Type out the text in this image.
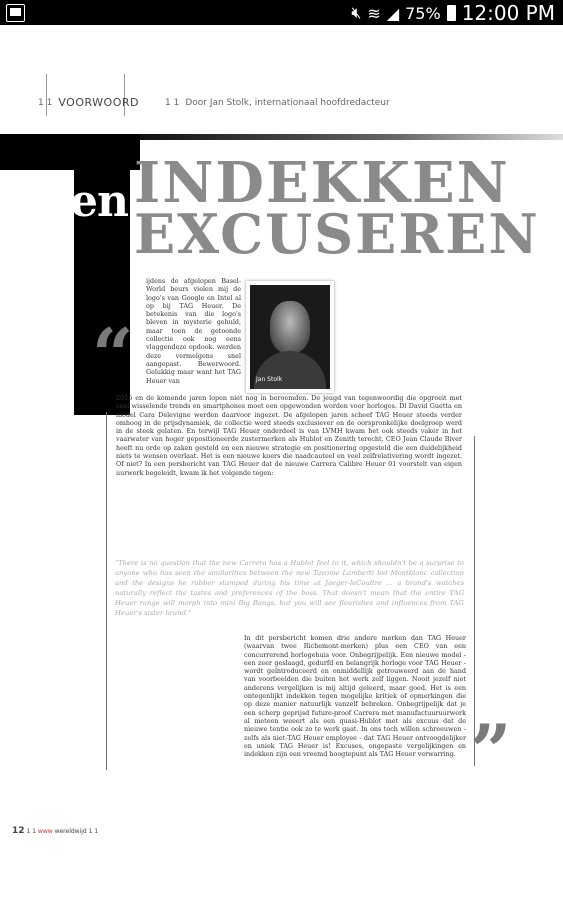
🔇︎ ≋ ◢ 75% 12:00 PM
1 1 VOORWOORD	1 1 Door Jan Stolk, internationaal hoofdredacteur
en INDEKKEN
EXCUSEREN
“
ijdens de afgelopen BaselWorld beurs vielen mij de logo's van Google en Intel al op bij TAG Heuer. De betekenis van die logo's bleven in mysterie gehuld, maar toen de getoonde collectie ook nog eens vlaggendeze opdook. werden deze vermelgens snel aangepast. Bewerwoord. Gelukkig maar want het TAG Heuer van	Jan Stolk
2015 en de komende jaren lopen niet nog in beroemden. De jeugd van tegenwoordig die opgroeit met snel wisselende trends en smartphones moet een opgewonden worden voor horloges. Dl David Guetta en model Cara Delevigne werden daarvoor ingezet. De afgelopen jaren scheef TAG Heuer steeds verder omhoog in de prijsdynamiek, de collectie werd steeds exclusiever en de oorspronkelijke doelgroep werd in de steek gelaten. En terwijl TAG Heuer onderdeel is van LVMH kwam het ook steeds vaker in het vaarwater van hoger gepositioneerde zustermerken als Hublot en Zenith terecht. CEO Jean Claude Biver heeft nu orde op zaken gesteld en een nieuwe strategie en positionering opgesteld die een duidelijkheid niets te wensen overlaat. Het is een nieuwe koers die naadcauteel en veel zelfrelativering wordt ingezet. Of niet? In een persbericht van TAG Heuer dat de nieuwe Carrera Calibre Heuer 01 voorstelt van eigen uurwerk begeleidt, kwam ik het volgende tegen:
"There is no question that the new Carrera has a Hublot feel to it, which shouldn't be a surprise to anyone who has seen the similarities between the new Tavome Lamberti led Montblanc collection and the designs he rubber stamped during his time at Jaeger-leCoultre ... a brand's watches naturally reflect the tastes and preferences of the boss. That doesn't mean that the entire TAG Heuer range will morph into mini Big Bangs, but you will see flourishes and influences from TAG Heuer's sister brand."
In dit persbericht komen drie andere merken dan TAG Heuer (waarvan twee Richemont-merken) plus een CEO van een concurrerend horlogehuis voor. Onbegrijpelijk. Een nieuwe model - een zeer geslaagd, gedurfd en belangrijk horloge voor TAG Heuer - wordt geïntroduceerd en onmiddellijk getrouweerd aan de hand van voorbeelden die buiten het werk zelf liggen. Nooit jezelf niet anderens vergelijken is mij altijd geleerd, maar goed. Het is een ontegenlijkt indekken tegen mogelijke kritiek of opmerkingen die op deze manier natuurlijk vanzelf bebreken. Onbegrijpelijk dat je een scherp geprijsd future-proof Carrera met manufactuuruurwerk al meteen weeert als een quasi-Hublot met als excuus dat de nieuwe tentie ook zo te werk gaat. In ons toch willen schreeuwen - zelfs als niet-TAG Heuer employee - dat TAG Heuer ontvoogdelijker en uniek TAG Heuer is! Excuses, ongepaste vergelijkingen en indekken zijn een vreemd hoogtepunt als TAG Heuer verwarring. ”
12 1 1 www wereldwijd 1 1
